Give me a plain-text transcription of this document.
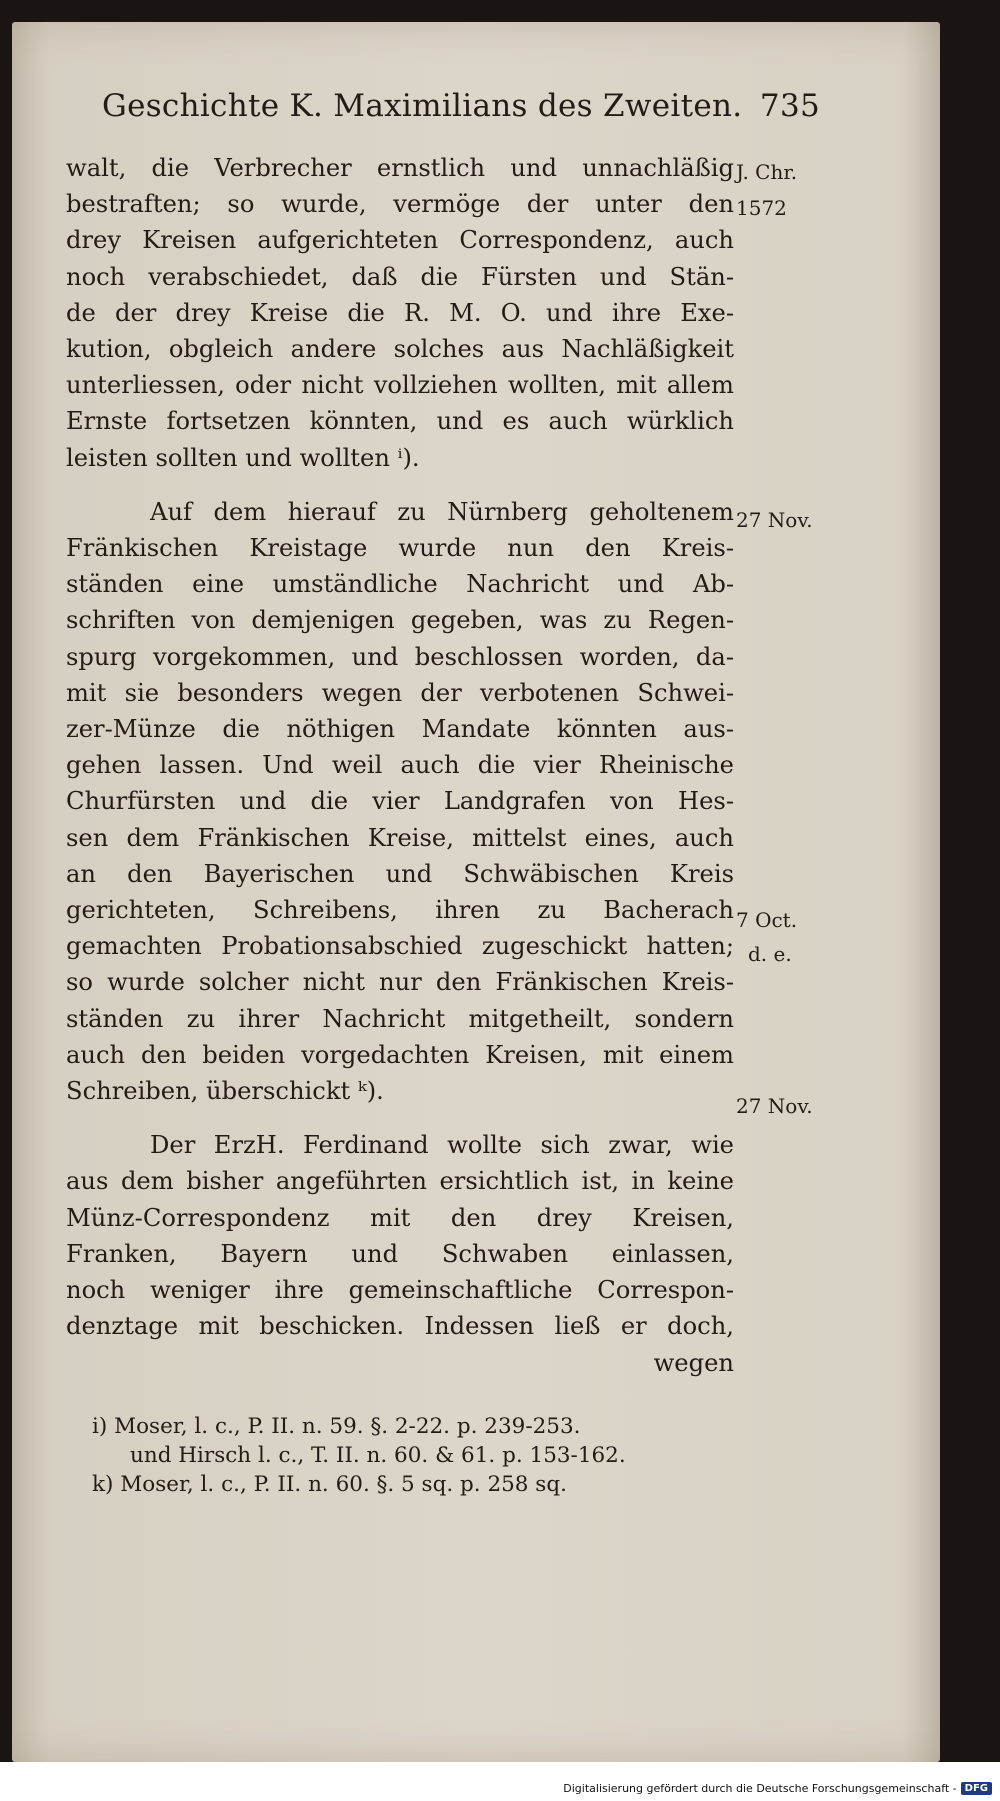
Geschichte K. Maximilians des Zweiten. 735
walt, die Verbrecher ernstlich und unnachläßig
bestraften; so wurde, vermöge der unter den
drey Kreisen aufgerichteten Correspondenz, auch
noch verabschiedet, daß die Fürsten und Stän-
de der drey Kreise die R. M. O. und ihre Exe-
kution, obgleich andere solches aus Nachläßigkeit
unterliessen, oder nicht vollziehen wollten, mit allem
Ernste fortsetzen könnten, und es auch würklich
leisten sollten und wollten ⁱ).
Auf dem hierauf zu Nürnberg geholtenem
Fränkischen Kreistage wurde nun den Kreis-
ständen eine umständliche Nachricht und Ab-
schriften von demjenigen gegeben, was zu Regen-
spurg vorgekommen, und beschlossen worden, da-
mit sie besonders wegen der verbotenen Schwei-
zer-Münze die nöthigen Mandate könnten aus-
gehen lassen. Und weil auch die vier Rheinische
Churfürsten und die vier Landgrafen von Hes-
sen dem Fränkischen Kreise, mittelst eines, auch
an den Bayerischen und Schwäbischen Kreis
gerichteten, Schreibens, ihren zu Bacherach
gemachten Probationsabschied zugeschickt hatten;
so wurde solcher nicht nur den Fränkischen Kreis-
ständen zu ihrer Nachricht mitgetheilt, sondern
auch den beiden vorgedachten Kreisen, mit einem
Schreiben, überschickt ᵏ).
Der ErzH. Ferdinand wollte sich zwar, wie
aus dem bisher angeführten ersichtlich ist, in keine
Münz-Correspondenz mit den drey Kreisen,
Franken, Bayern und Schwaben einlassen,
noch weniger ihre gemeinschaftliche Correspon-
denztage mit beschicken. Indessen ließ er doch,
wegen
J. Chr.
1572
27 Nov.
7 Oct.
d. e.
27 Nov.
i) Moser, l. c., P. II. n. 59. §. 2-22. p. 239-253.
und Hirsch l. c., T. II. n. 60. & 61. p. 153-162.
k) Moser, l. c., P. II. n. 60. §. 5 sq. p. 258 sq.
Digitalisierung gefördert durch die Deutsche Forschungsgemeinschaft - DFG
